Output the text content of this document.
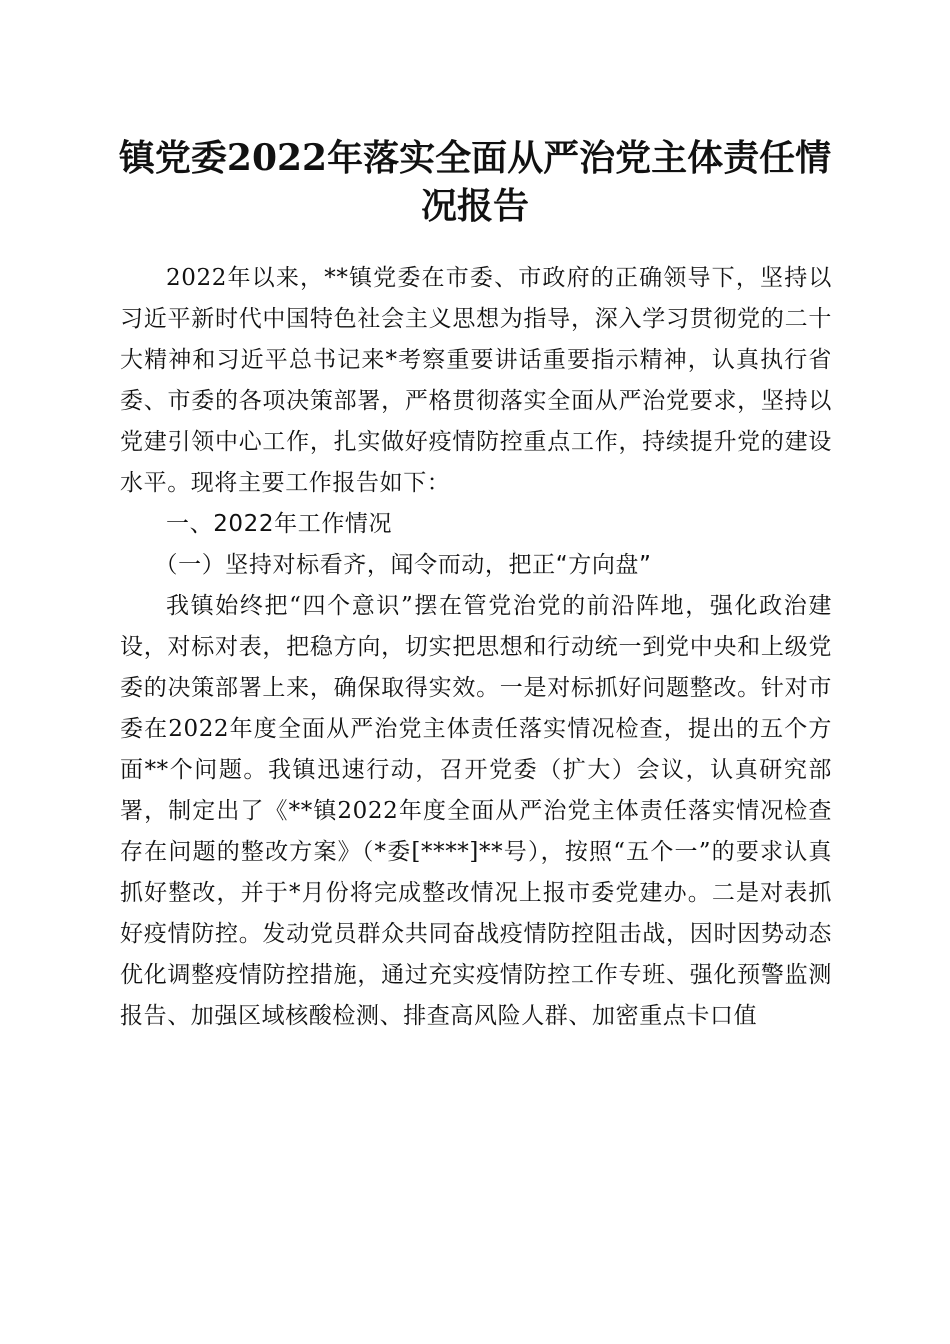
镇党委2022年落实全面从严治党主体责任情况报告

2022年以来，**镇党委在市委、市政府的正确领导下，坚持以习近平新时代中国特色社会主义思想为指导，深入学习贯彻党的二十大精神和习近平总书记来*考察重要讲话重要指示精神，认真执行省委、市委的各项决策部署，严格贯彻落实全面从严治党要求，坚持以党建引领中心工作，扎实做好疫情防控重点工作，持续提升党的建设水平。现将主要工作报告如下：

一、2022年工作情况

（一）坚持对标看齐，闻令而动，把正“方向盘”

我镇始终把“四个意识”摆在管党治党的前沿阵地，强化政治建设，对标对表，把稳方向，切实把思想和行动统一到党中央和上级党委的决策部署上来，确保取得实效。一是对标抓好问题整改。针对市委在2022年度全面从严治党主体责任落实情况检查，提出的五个方面**个问题。我镇迅速行动，召开党委（扩大）会议，认真研究部署，制定出了《**镇2022年度全面从严治党主体责任落实情况检查存在问题的整改方案》（*委[****]**号），按照“五个一”的要求认真抓好整改，并于*月份将完成整改情况上报市委党建办。二是对表抓好疫情防控。发动党员群众共同奋战疫情防控阻击战，因时因势动态优化调整疫情防控措施，通过充实疫情防控工作专班、强化预警监测报告、加强区域核酸检测、排查高风险人群、加密重点卡口值
